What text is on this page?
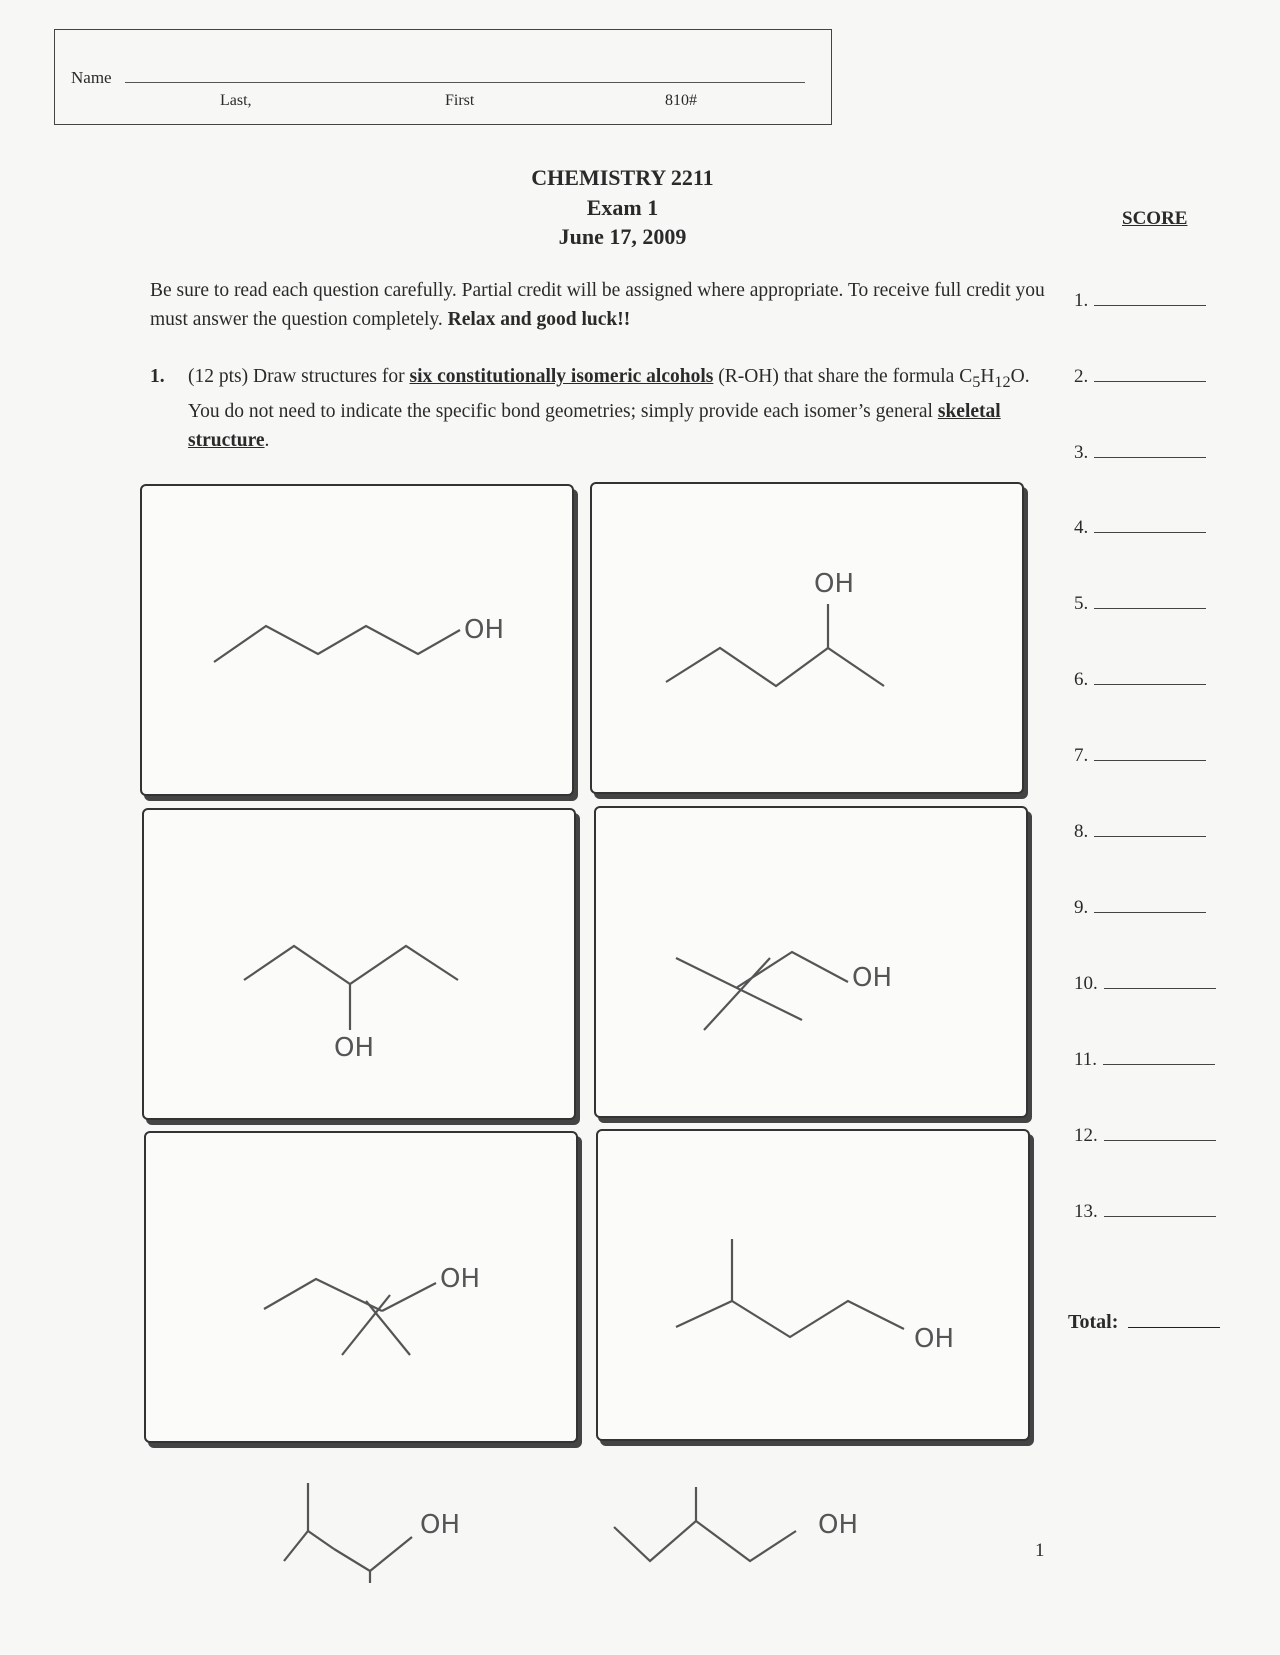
Name
Last,	First	810#
CHEMISTRY 2211
Exam 1
June 17, 2009
SCORE
Be sure to read each question carefully. Partial credit will be assigned where appropriate. To receive full credit you must answer the question completely. Relax and good luck!!
1. (12 pts) Draw structures for six constitutionally isomeric alcohols (R-OH) that share the formula $C_5H_{12}O$. You do not need to indicate the specific bond geometries; simply provide each isomer’s general skeletal structure.
1.
2.
3.
4.
5.
6.
7.
8.
9.
10.
11.
12.
13.
Total:
OH
OH
OH
OH
OH
OH
OH	OH
1
